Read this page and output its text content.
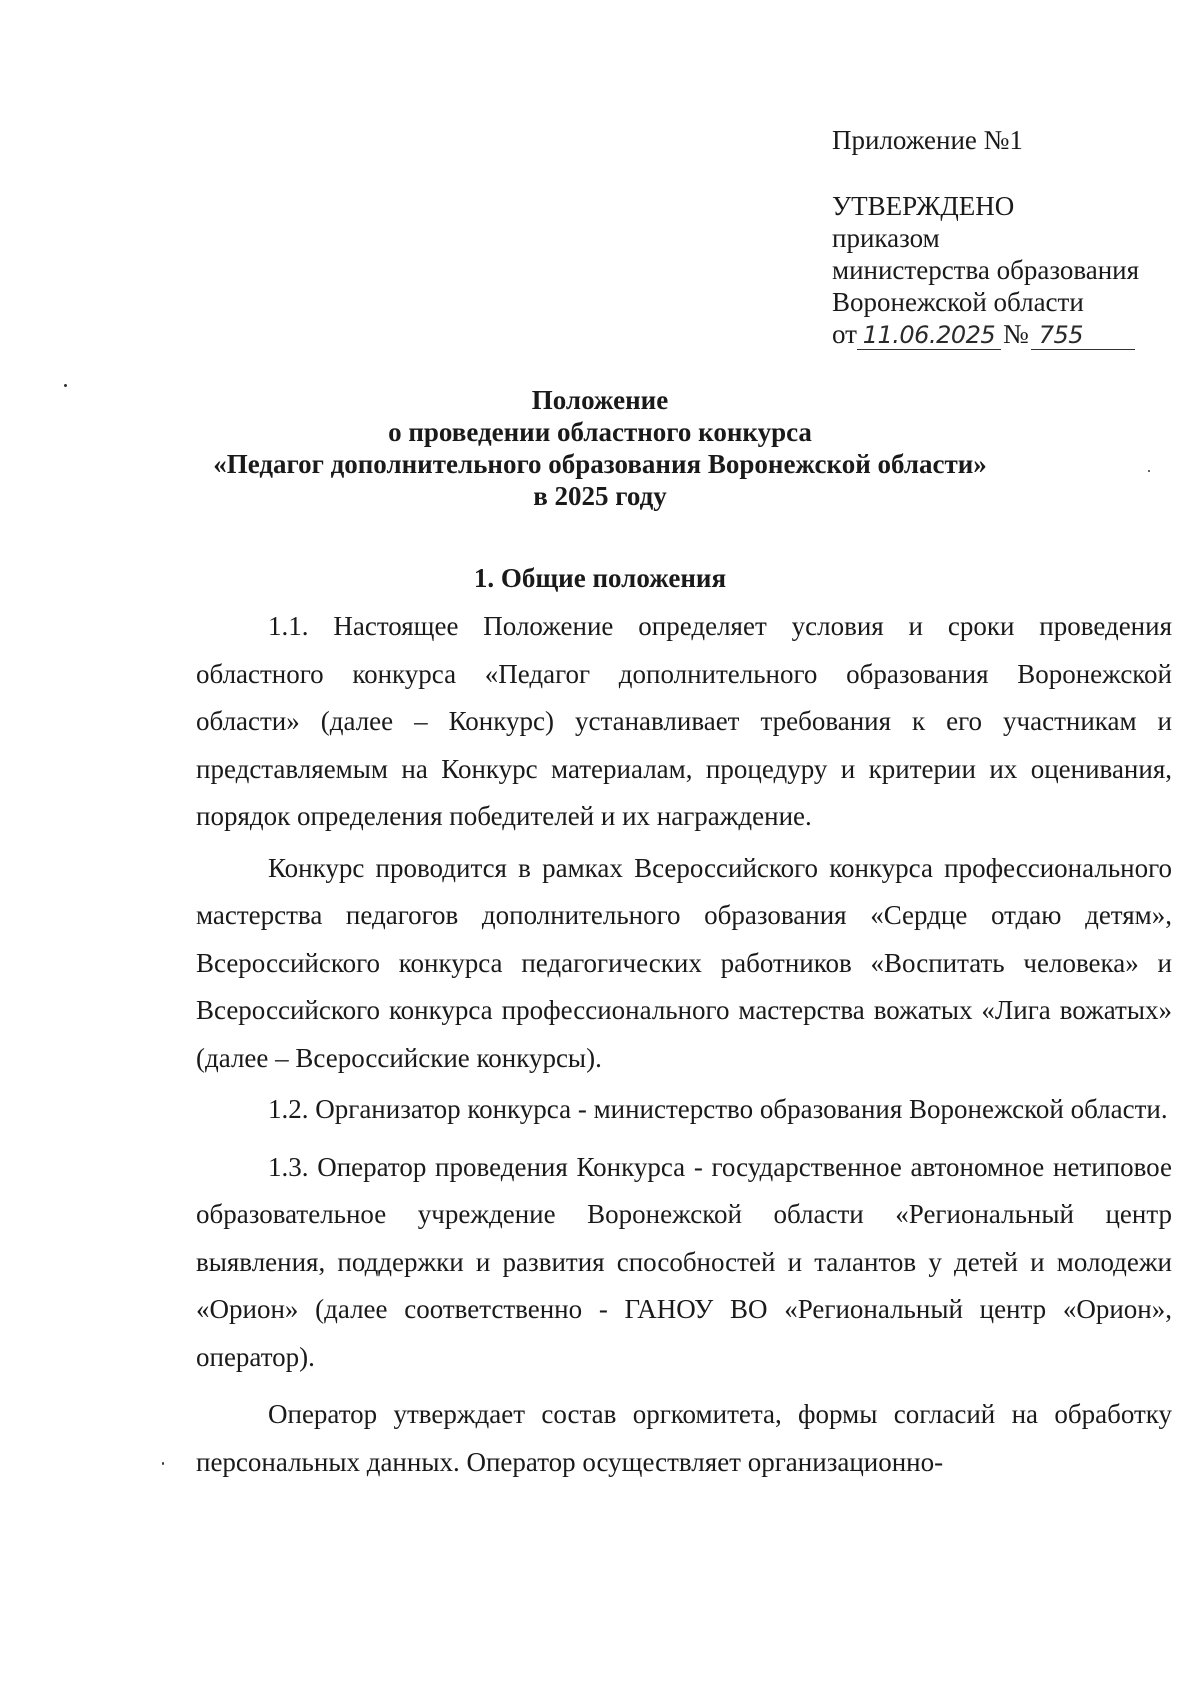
Приложение №1
УТВЕРЖДЕНО
приказом
министерства образования
Воронежской области
от 11.06.2025 № 755
Положение
о проведении областного конкурса
«Педагог дополнительного образования Воронежской области»
в 2025 году
1. Общие положения

1.1. Настоящее Положение определяет условия и сроки проведения областного конкурса «Педагог дополнительного образования Воронежской области» (далее – Конкурс) устанавливает требования к его участникам и представляемым на Конкурс материалам, процедуру и критерии их оценивания, порядок определения победителей и их награждение.

Конкурс проводится в рамках Всероссийского конкурса профессионального мастерства педагогов дополнительного образования «Сердце отдаю детям», Всероссийского конкурса педагогических работников «Воспитать человека» и Всероссийского конкурса профессионального мастерства вожатых «Лига вожатых» (далее – Всероссийские конкурсы).

1.2. Организатор конкурса - министерство образования Воронежской области.

1.3. Оператор проведения Конкурса - государственное автономное нетиповое образовательное учреждение Воронежской области «Региональный центр выявления, поддержки и развития способностей и талантов у детей и молодежи «Орион» (далее соответственно - ГАНОУ ВО «Региональный центр «Орион», оператор).

Оператор утверждает состав оргкомитета, формы согласий на обработку персональных данных. Оператор осуществляет организационно-
